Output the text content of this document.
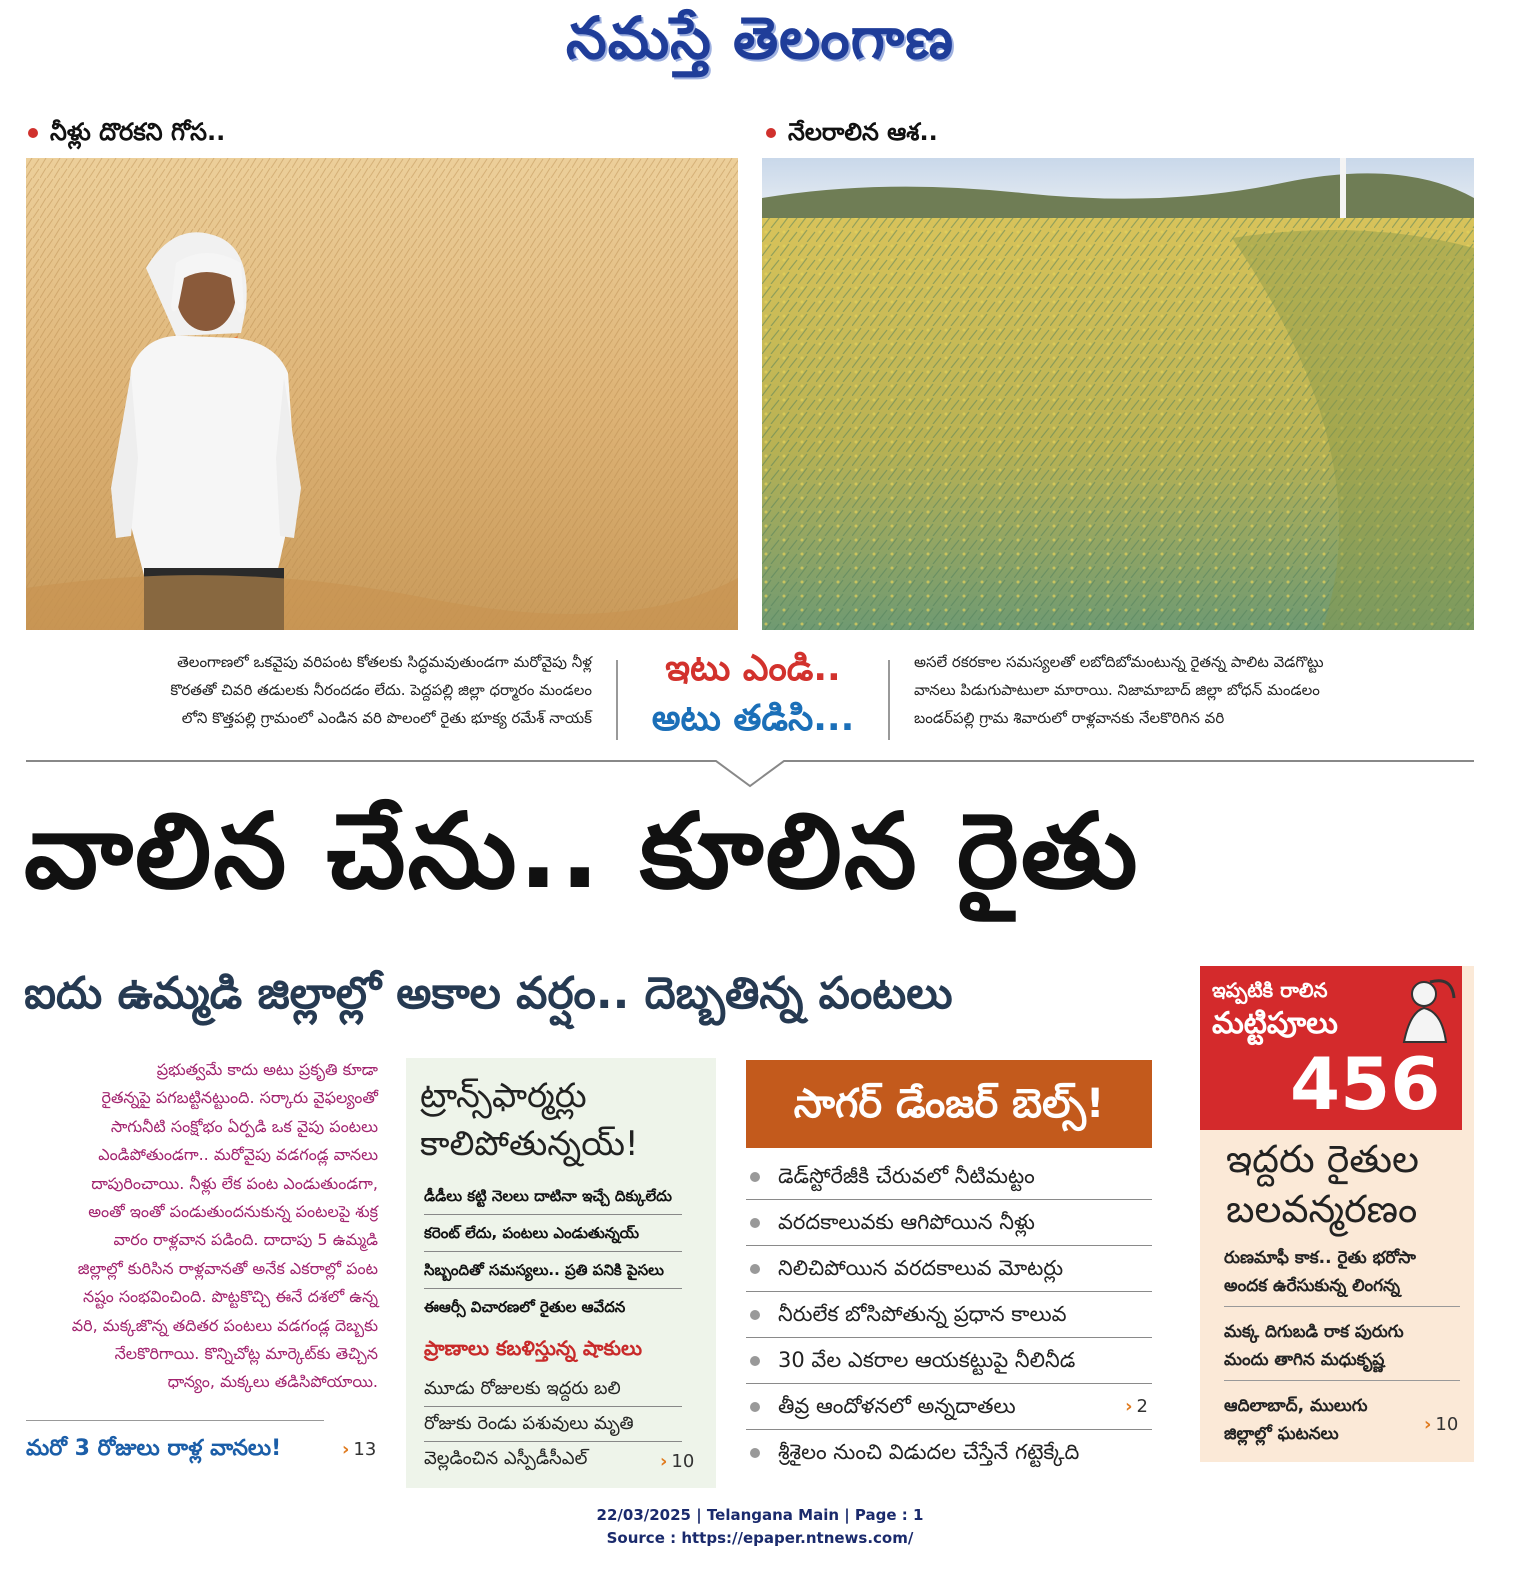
నమస్తే తెలంగాణ
నీళ్లు దొరకని గోస..	నేలరాలిన ఆశ..
తెలంగాణలో ఒకవైపు వరిపంట కోతలకు సిద్ధమవుతుండగా మరోవైపు నీళ్ల
కొరతతో చివరి తడులకు నీరందడం లేదు. పెద్దపల్లి జిల్లా ధర్మారం మండలం
లోని కొత్తపల్లి గ్రామంలో ఎండిన వరి పొలంలో రైతు భూక్య రమేశ్ నాయక్
ఇటు ఎండి..
అటు తడిసి...
అసలే రకరకాల సమస్యలతో లబోదిబోమంటున్న రైతన్న పాలిట వెడగొట్టు
వానలు పిడుగుపాటులా మారాయి. నిజామాబాద్ జిల్లా బోధన్ మండలం
బండర్‌పల్లి గ్రామ శివారులో రాళ్లవానకు నేలకొరిగిన వరి
వాలిన చేను.. కూలిన రైతు
ఐదు ఉమ్మడి జిల్లాల్లో అకాల వర్షం.. దెబ్బతిన్న పంటలు
ప్రభుత్వమే కాదు అటు ప్రకృతి కూడా
రైతన్నపై పగబట్టినట్టుంది. సర్కారు వైఫల్యంతో
సాగునీటి సంక్షోభం ఏర్పడి ఒక వైపు పంటలు
ఎండిపోతుండగా.. మరోవైపు వడగండ్ల వానలు
దాపురించాయి. నీళ్లు లేక పంట ఎండుతుండగా,
అంతో ఇంతో పండుతుందనుకున్న పంటలపై శుక్ర
వారం రాళ్లవాన పడింది. దాదాపు 5 ఉమ్మడి
జిల్లాల్లో కురిసిన రాళ్లవానతో అనేక ఎకరాల్లో పంట
నష్టం సంభవించింది. పొట్టకొచ్చి ఈనే దశలో ఉన్న
వరి, మక్కజొన్న తదితర పంటలు వడగండ్ల దెబ్బకు
నేలకొరిగాయి. కొన్నిచోట్ల మార్కెట్‌కు తెచ్చిన
ధాన్యం, మక్కలు తడిసిపోయాయి.
మరో 3 రోజులు రాళ్ల వానలు!	› 13
ట్రాన్స్‌ఫార్మర్లు
కాలిపోతున్నయ్!
డీడీలు కట్టి నెలలు దాటినా ఇచ్చే దిక్కులేదు
కరెంట్ లేదు, పంటలు ఎండుతున్నయ్
సిబ్బందితో సమస్యలు.. ప్రతి పనికి పైసలు
ఈఆర్సీ విచారణలో రైతుల ఆవేదన
ప్రాణాలు కబళిస్తున్న షాకులు
మూడు రోజులకు ఇద్దరు బలి
రోజుకు రెండు పశువులు మృతి
వెల్లడించిన ఎస్పీడీసీఎల్	› 10
సాగర్ డేంజర్ బెల్స్!
డెడ్‌స్టోరేజీకి చేరువలో నీటిమట్టం
వరదకాలువకు ఆగిపోయిన నీళ్లు
నిలిచిపోయిన వరదకాలువ మోటర్లు
నీరులేక బోసిపోతున్న ప్రధాన కాలువ
30 వేల ఎకరాల ఆయకట్టుపై నీలినీడ
తీవ్ర ఆందోళనలో అన్నదాతలు	› 2
శ్రీశైలం నుంచి విడుదల చేస్తేనే గట్టెక్కేది
ఇప్పటికి రాలిన
మట్టిపూలు
456
ఇద్దరు రైతుల
బలవన్మరణం
రుణమాఫీ కాక.. రైతు భరోసా
అందక ఉరేసుకున్న లింగన్న
మక్క దిగుబడి రాక పురుగు
మందు తాగిన మధుకృష్ణ
ఆదిలాబాద్, ములుగు
జిల్లాల్లో ఘటనలు	› 10
22/03/2025 | Telangana Main | Page : 1
Source : https://epaper.ntnews.com/
